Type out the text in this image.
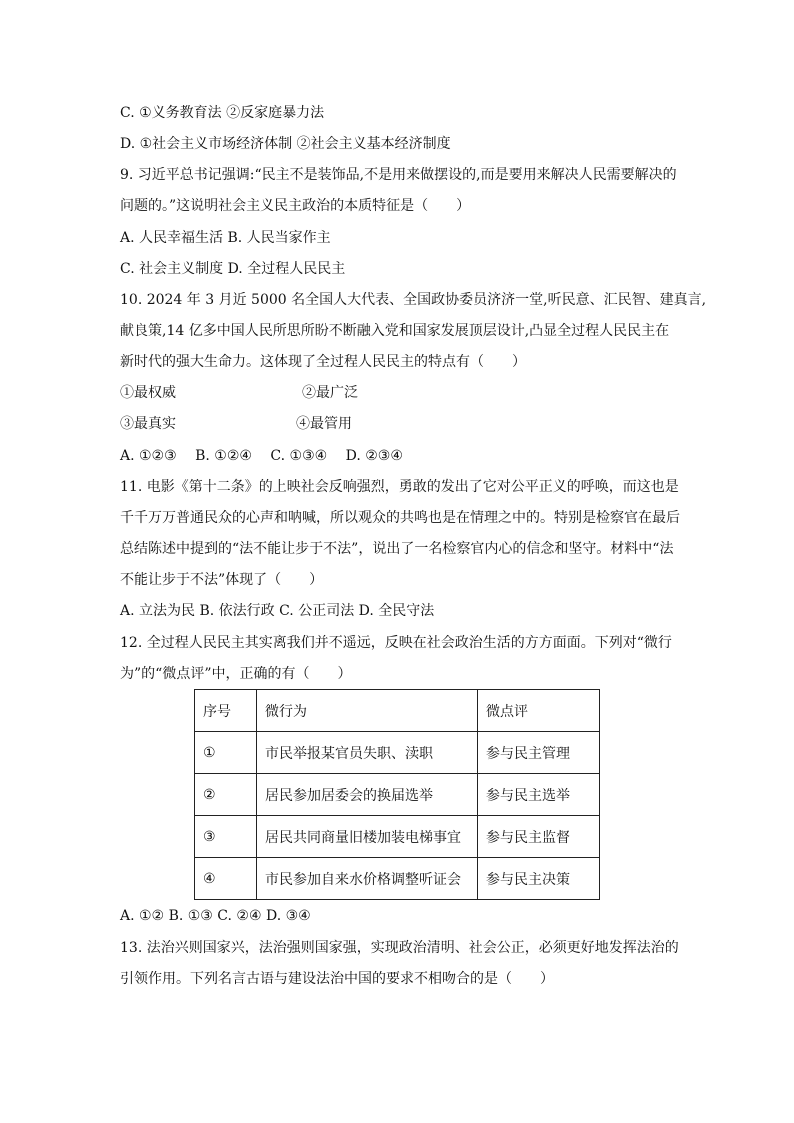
C. ①义务教育法 ②反家庭暴力法
D. ①社会主义市场经济体制 ②社会主义基本经济制度
9. 习近平总书记强调:“民主不是装饰品,不是用来做摆设的,而是要用来解决人民需要解决的
问题的。”这说明社会主义民主政治的本质特征是（　　）
A. 人民幸福生活 B. 人民当家作主
C. 社会主义制度 D. 全过程人民民主
10. 2024 年 3 月近 5000 名全国人大代表、全国政协委员济济一堂,听民意、汇民智、建真言,
献良策,14 亿多中国人民所思所盼不断融入党和国家发展顶层设计,凸显全过程人民民主在
新时代的强大生命力。这体现了全过程人民民主的特点有（　　）
①最权威	②最广泛
③最真实	④最管用
A. ①②③　 B. ①②④　 C. ①③④　 D. ②③④
11. 电影《第十二条》的上映社会反响强烈，勇敢的发出了它对公平正义的呼唤，而这也是
千千万万普通民众的心声和呐喊，所以观众的共鸣也是在情理之中的。特别是检察官在最后
总结陈述中提到的“法不能让步于不法”，说出了一名检察官内心的信念和坚守。材料中“法
不能让步于不法”体现了（　　）
A. 立法为民 B. 依法行政 C. 公正司法 D. 全民守法
12. 全过程人民民主其实离我们并不遥远，反映在社会政治生活的方方面面。下列对“微行
为”的“微点评”中，正确的有（　　）
序号	微行为	微点评
①	市民举报某官员失职、渎职	参与民主管理
②	居民参加居委会的换届选举	参与民主选举
③	居民共同商量旧楼加装电梯事宜	参与民主监督
④	市民参加自来水价格调整听证会	参与民主决策
A. ①② B. ①③ C. ②④ D. ③④
13. 法治兴则国家兴，法治强则国家强，实现政治清明、社会公正，必须更好地发挥法治的
引领作用。下列名言古语与建设法治中国的要求不相吻合的是（　　）
